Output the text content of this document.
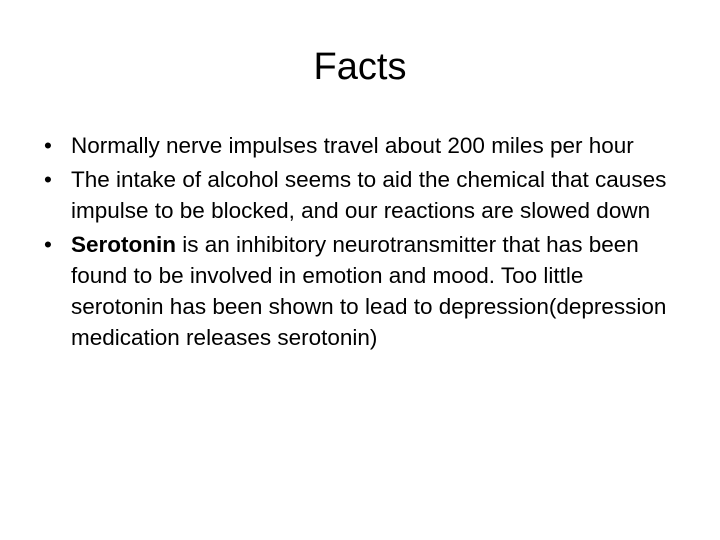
Facts
• Normally nerve impulses travel about 200 miles per hour
• The intake of alcohol seems to aid the chemical that causes impulse to be blocked, and our reactions are slowed down
• Serotonin is an inhibitory neurotransmitter that has been found to be involved in emotion and mood. Too little serotonin has been shown to lead to depression(depression medication releases serotonin)
